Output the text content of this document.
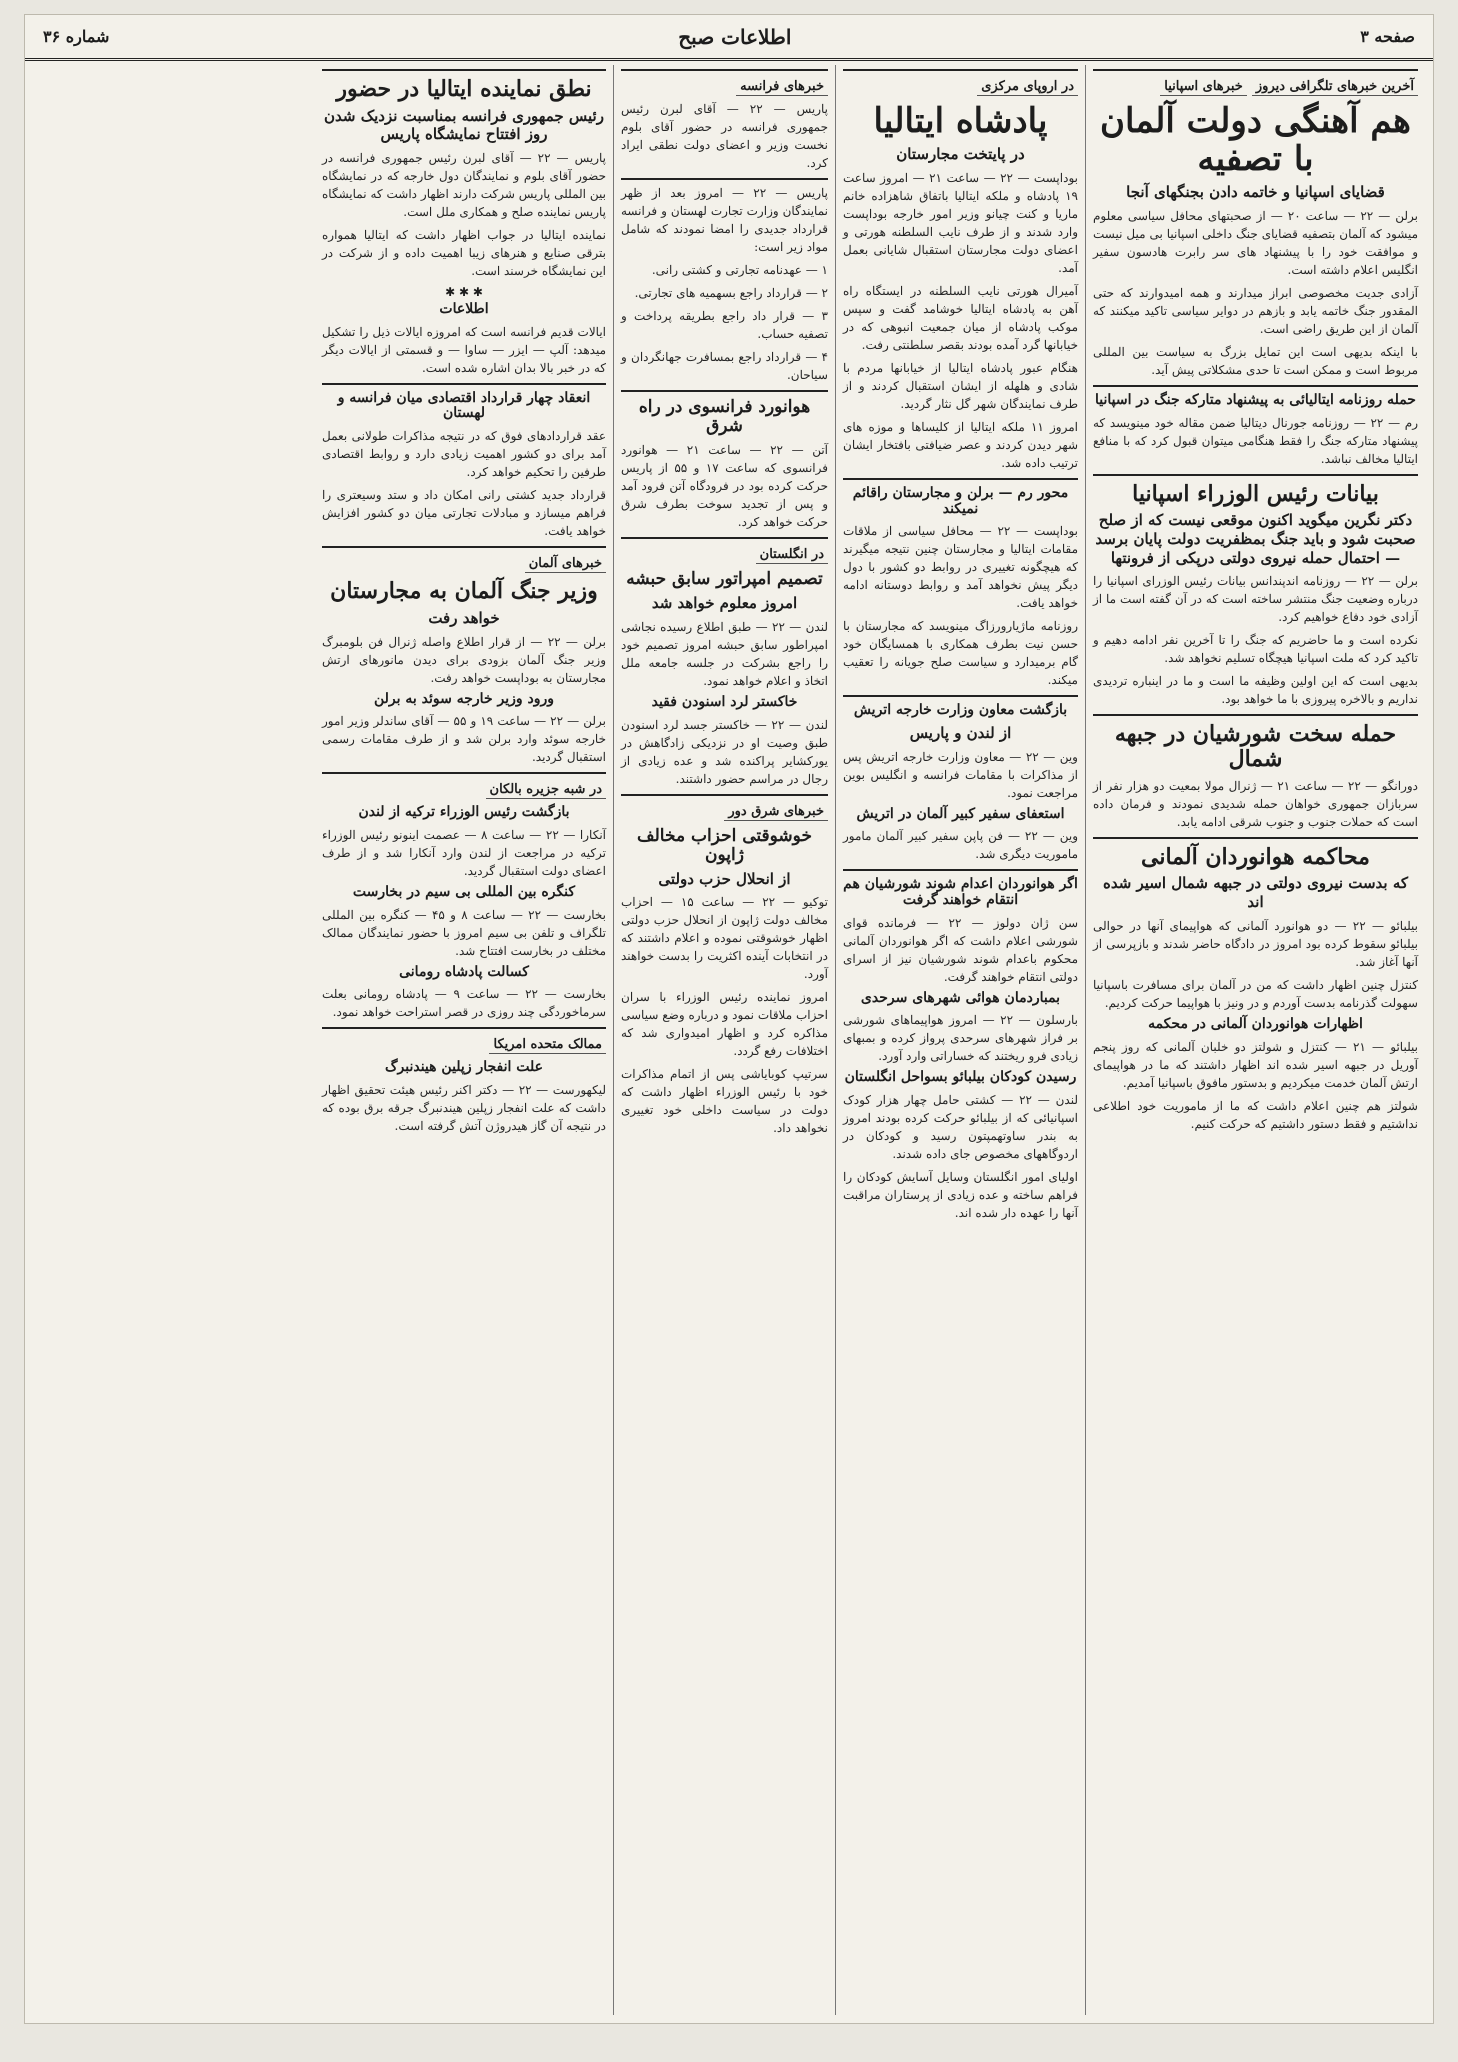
صفحه ۳
اطلاعات صبح
شماره ۳۶
آخرین خبرهای تلگرافی دیروز خبرهای اسپانیا
هم آهنگی دولت آلمان با تصفیه
قضایای اسپانیا و خاتمه دادن بجنگهای آنجا

برلن — ۲۲ — ساعت ۲۰ — از صحبتهای محافل سیاسی معلوم میشود که آلمان بتصفیه قضایای جنگ داخلی اسپانیا بی میل نیست و موافقت خود را با پیشنهاد های سر رابرت هادسون سفیر انگلیس اعلام داشته است.

آزادی جدیت مخصوصی ابراز میدارند و همه امیدوارند که حتی المقدور جنگ خاتمه یابد و بازهم در دوایر سیاسی تاکید میکنند که آلمان از این طریق راضی است.

با اینکه بدیهی است این تمایل بزرگ به سیاست بین المللی مربوط است و ممکن است تا حدی مشکلاتی پیش آید.

حمله روزنامه ایتالیائی به پیشنهاد متارکه جنگ در اسپانیا

رم — ۲۲ — روزنامه جورنال دیتالیا ضمن مقاله خود مینویسد که پیشنهاد متارکه جنگ را فقط هنگامی میتوان قبول کرد که با منافع ایتالیا مخالف نباشد.

بیانات رئیس الوزراء اسپانیا
دکتر نگرین میگوید اکنون موقعی نیست که از صلح صحبت شود و باید جنگ بمظفریت دولت پایان برسد — احتمال حمله نیروی دولتی درپکی از فرونتها

برلن — ۲۲ — روزنامه اندپندانس بیانات رئیس الوزرای اسپانیا را درباره وضعیت جنگ منتشر ساخته است که در آن گفته است ما از آزادی خود دفاع خواهیم کرد.

نکرده است و ما حاضریم که جنگ را تا آخرین نفر ادامه دهیم و تاکید کرد که ملت اسپانیا هیچگاه تسلیم نخواهد شد.

بدیهی است که این اولین وظیفه ما است و ما در اینباره تردیدی نداریم و بالاخره پیروزی با ما خواهد بود.

حمله سخت شورشیان در جبهه شمال

دورانگو — ۲۲ — ساعت ۲۱ — ژنرال مولا بمعیت دو هزار نفر از سربازان جمهوری خواهان حمله شدیدی نمودند و فرمان داده است که حملات جنوب و جنوب شرقی ادامه یابد.

محاکمه هوانوردان آلمانی
که بدست نیروی دولتی در جبهه شمال اسیر شده اند

بیلبائو — ۲۲ — دو هوانورد آلمانی که هواپیمای آنها در حوالی بیلبائو سقوط کرده بود امروز در دادگاه حاضر شدند و بازپرسی از آنها آغاز شد.

کنتزل چنین اظهار داشت که من در آلمان برای مسافرت باسپانیا سهولت گذرنامه بدست آوردم و در ونیز با هواپیما حرکت کردیم.

اظهارات هوانوردان آلمانی در محکمه

بیلبائو — ۲۱ — کنتزل و شولتز دو خلبان آلمانی که روز پنجم آوریل در جبهه اسیر شده اند اظهار داشتند که ما در هواپیمای ارتش آلمان خدمت میکردیم و بدستور مافوق باسپانیا آمدیم.

شولتز هم چنین اعلام داشت که ما از ماموریت خود اطلاعی نداشتیم و فقط دستور داشتیم که حرکت کنیم.

در اروپای مرکزی
پادشاه ایتالیا
در پایتخت مجارستان

بوداپست — ۲۲ — ساعت ۲۱ — امروز ساعت ۱۹ پادشاه و ملکه ایتالیا باتفاق شاهزاده خانم ماریا و کنت چیانو وزیر امور خارجه بوداپست وارد شدند و از طرف نایب السلطنه هورتی و اعضای دولت مجارستان استقبال شایانی بعمل آمد.

آمیرال هورتی نایب السلطنه در ایستگاه راه آهن به پادشاه ایتالیا خوشامد گفت و سپس موکب پادشاه از میان جمعیت انبوهی که در خیابانها گرد آمده بودند بقصر سلطنتی رفت.

هنگام عبور پادشاه ایتالیا از خیابانها مردم با شادی و هلهله از ایشان استقبال کردند و از طرف نمایندگان شهر گل نثار گردید.

امروز ۱۱ ملکه ایتالیا از کلیساها و موزه های شهر دیدن کردند و عصر ضیافتی بافتخار ایشان ترتیب داده شد.

محور رم — برلن و مجارستان راقائم نمیکند

بوداپست — ۲۲ — محافل سیاسی از ملاقات مقامات ایتالیا و مجارستان چنین نتیجه میگیرند که هیچگونه تغییری در روابط دو کشور با دول دیگر پیش نخواهد آمد و روابط دوستانه ادامه خواهد یافت.

روزنامه ماژیارورزاگ مینویسد که مجارستان با حسن نیت بطرف همکاری با همسایگان خود گام برمیدارد و سیاست صلح جویانه را تعقیب میکند.

بازگشت معاون وزارت خارجه اتریش
از لندن و پاریس

وین — ۲۲ — معاون وزارت خارجه اتریش پس از مذاکرات با مقامات فرانسه و انگلیس بوین مراجعت نمود.

استعفای سفیر کبیر آلمان در اتریش

وین — ۲۲ — فن پاپن سفیر کبیر آلمان مامور ماموریت دیگری شد.

اگر هوانوردان اعدام شوند شورشیان هم انتقام خواهند گرفت

سن ژان دولوز — ۲۲ — فرمانده قوای شورشی اعلام داشت که اگر هوانوردان آلمانی محکوم باعدام شوند شورشیان نیز از اسرای دولتی انتقام خواهند گرفت.

بمباردمان هوائی شهرهای سرحدی

بارسلون — ۲۲ — امروز هواپیماهای شورشی بر فراز شهرهای سرحدی پرواز کرده و بمبهای زیادی فرو ریختند که خساراتی وارد آورد.

رسیدن کودکان بیلبائو بسواحل انگلستان

لندن — ۲۲ — کشتی حامل چهار هزار کودک اسپانیائی که از بیلبائو حرکت کرده بودند امروز به بندر ساوتهمپتون رسید و کودکان در اردوگاههای مخصوص جای داده شدند.

اولیای امور انگلستان وسایل آسایش کودکان را فراهم ساخته و عده زیادی از پرستاران مراقبت آنها را عهده دار شده اند.

خبرهای فرانسه

پاریس — ۲۲ — آقای لبرن رئیس جمهوری فرانسه در حضور آقای بلوم نخست وزیر و اعضای دولت نطقی ایراد کرد.

پاریس — ۲۲ — امروز بعد از ظهر نمایندگان وزارت تجارت لهستان و فرانسه قرارداد جدیدی را امضا نمودند که شامل مواد زیر است:

۱ — عهدنامه تجارتی و کشتی رانی.

۲ — قرارداد راجع بسهمیه های تجارتی.

۳ — قرار داد راجع بطریقه پرداخت و تصفیه حساب.

۴ — قرارداد راجع بمسافرت جهانگردان و سیاحان.

هوانورد فرانسوی در راه شرق

آتن — ۲۲ — ساعت ۲۱ — هوانورد فرانسوی که ساعت ۱۷ و ۵۵ از پاریس حرکت کرده بود در فرودگاه آتن فرود آمد و پس از تجدید سوخت بطرف شرق حرکت خواهد کرد.

در انگلستان
تصمیم امپراتور سابق حبشه
امروز معلوم خواهد شد

لندن — ۲۲ — طبق اطلاع رسیده نجاشی امپراطور سابق حبشه امروز تصمیم خود را راجع بشرکت در جلسه جامعه ملل اتخاذ و اعلام خواهد نمود.

خاکستر لرد اسنودن فقید

لندن — ۲۲ — خاکستر جسد لرد اسنودن طبق وصیت او در نزدیکی زادگاهش در یورکشایر پراکنده شد و عده زیادی از رجال در مراسم حضور داشتند.

خبرهای شرق دور
خوشوقتی احزاب مخالف ژاپون
از انحلال حزب دولتی

توکیو — ۲۲ — ساعت ۱۵ — احزاب مخالف دولت ژاپون از انحلال حزب دولتی اظهار خوشوقتی نموده و اعلام داشتند که در انتخابات آینده اکثریت را بدست خواهند آورد.

امروز نماینده رئیس الوزراء با سران احزاب ملاقات نمود و درباره وضع سیاسی مذاکره کرد و اظهار امیدواری شد که اختلافات رفع گردد.

سرتیپ کوبایاشی پس از اتمام مذاکرات خود با رئیس الوزراء اظهار داشت که دولت در سیاست داخلی خود تغییری نخواهد داد.

نطق نماینده ایتالیا در حضور
رئیس جمهوری فرانسه بمناسبت نزدیک شدن روز افتتاح نمایشگاه پاریس

پاریس — ۲۲ — آقای لبرن رئیس جمهوری فرانسه در حضور آقای بلوم و نمایندگان دول خارجه که در نمایشگاه بین المللی پاریس شرکت دارند اظهار داشت که نمایشگاه پاریس نماینده صلح و همکاری ملل است.

نماینده ایتالیا در جواب اظهار داشت که ایتالیا همواره بترقی صنایع و هنرهای زیبا اهمیت داده و از شرکت در این نمایشگاه خرسند است.

✱ ✱ ✱
اطلاعات

ایالات قدیم فرانسه است که امروزه ایالات ذیل را تشکیل میدهد: آلپ — ایزر — ساوا — و قسمتی از ایالات دیگر که در خبر بالا بدان اشاره شده است.

انعقاد چهار قرارداد اقتصادی میان فرانسه و لهستان

عقد قراردادهای فوق که در نتیجه مذاکرات طولانی بعمل آمد برای دو کشور اهمیت زیادی دارد و روابط اقتصادی طرفین را تحکیم خواهد کرد.

قرارداد جدید کشتی رانی امکان داد و ستد وسیعتری را فراهم میسازد و مبادلات تجارتی میان دو کشور افزایش خواهد یافت.

خبرهای آلمان
وزیر جنگ آلمان به مجارستان
خواهد رفت

برلن — ۲۲ — از قرار اطلاع واصله ژنرال فن بلومبرگ وزیر جنگ آلمان بزودی برای دیدن مانورهای ارتش مجارستان به بوداپست خواهد رفت.

ورود وزیر خارجه سوئد به برلن

برلن — ۲۲ — ساعت ۱۹ و ۵۵ — آقای ساندلر وزیر امور خارجه سوئد وارد برلن شد و از طرف مقامات رسمی استقبال گردید.

در شبه جزیره بالکان
بازگشت رئیس الوزراء ترکیه از لندن

آنکارا — ۲۲ — ساعت ۸ — عصمت اینونو رئیس الوزراء ترکیه در مراجعت از لندن وارد آنکارا شد و از طرف اعضای دولت استقبال گردید.

کنگره بین المللی بی سیم در بخارست

بخارست — ۲۲ — ساعت ۸ و ۴۵ — کنگره بین المللی تلگراف و تلفن بی سیم امروز با حضور نمایندگان ممالک مختلف در بخارست افتتاح شد.

کسالت پادشاه رومانی

بخارست — ۲۲ — ساعت ۹ — پادشاه رومانی بعلت سرماخوردگی چند روزی در قصر استراحت خواهد نمود.

ممالک متحده امریکا
علت انفجار زپلین هیندنبرگ

لیکهورست — ۲۲ — دکتر اکنر رئیس هیئت تحقیق اظهار داشت که علت انفجار زپلین هیندنبرگ جرقه برق بوده که در نتیجه آن گاز هیدروژن آتش گرفته است.
